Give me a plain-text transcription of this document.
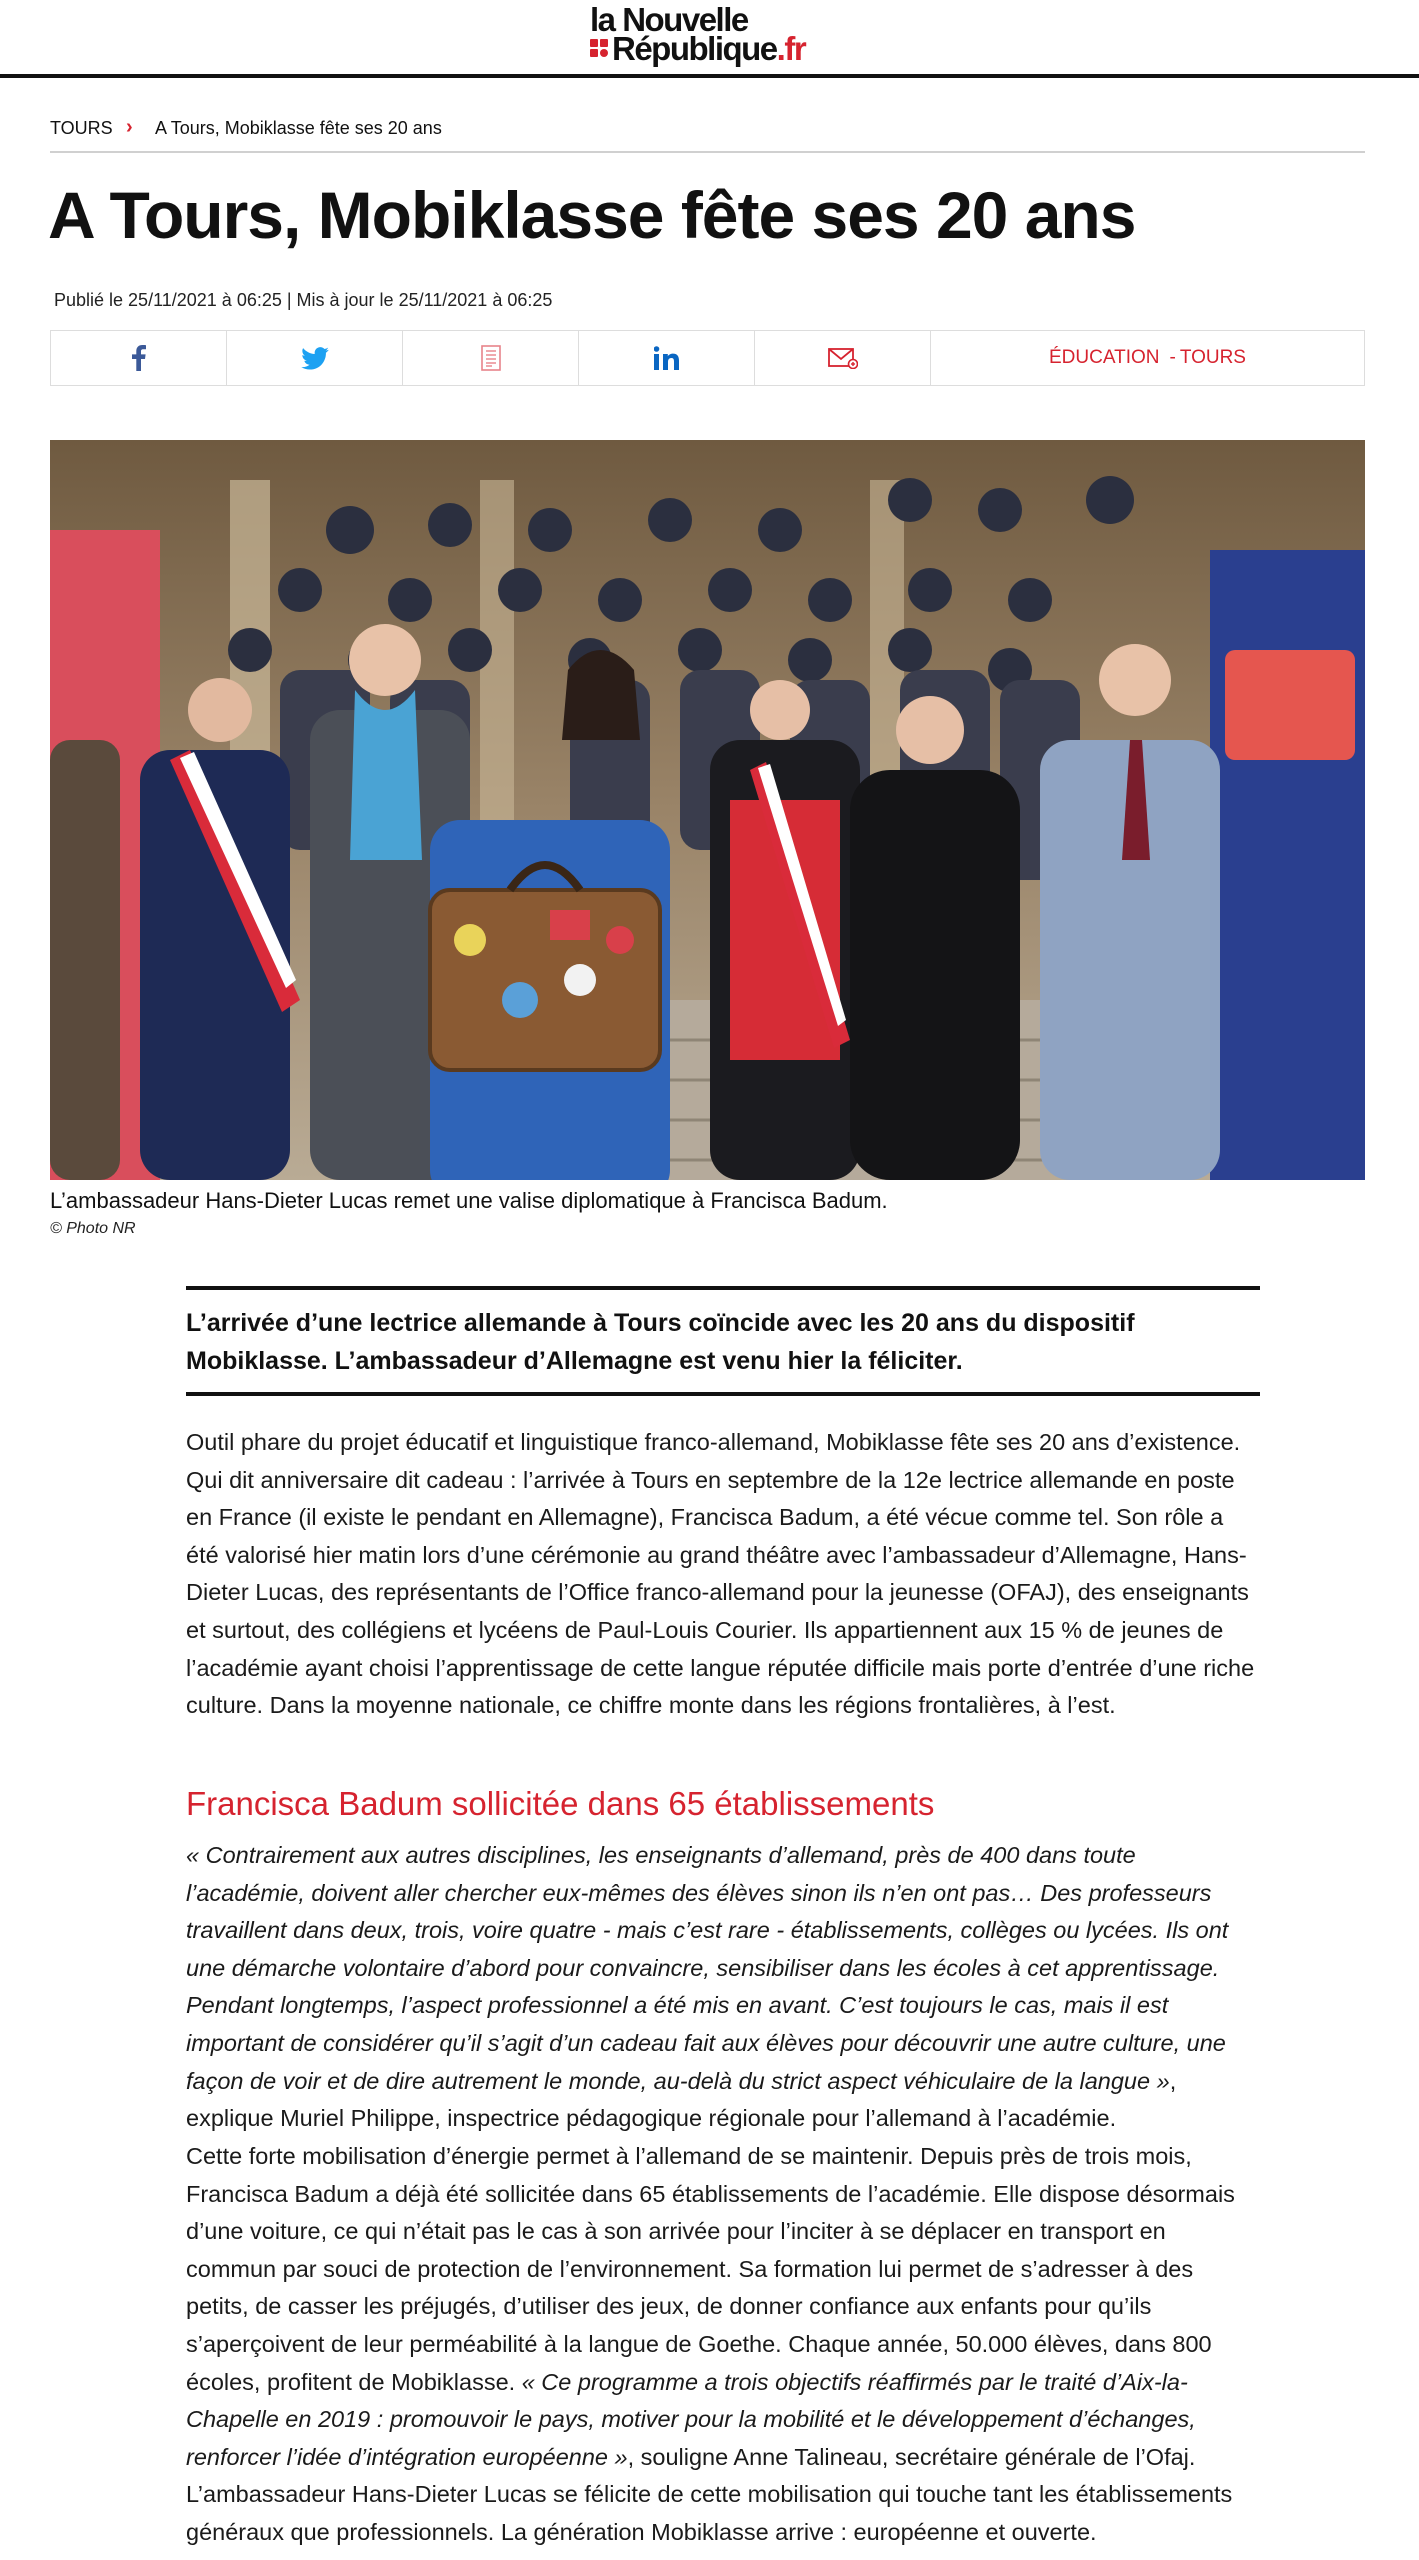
la Nouvelle
République.fr
TOURS › A Tours, Mobiklasse fête ses 20 ans
A Tours, Mobiklasse fête ses 20 ans
Publié le 25/11/2021 à 06:25 | Mis à jour le 25/11/2021 à 06:25
ÉDUCATION - TOURS
L’ambassadeur Hans-Dieter Lucas remet une valise diplomatique à Francisca Badum.
© Photo NR

L’arrivée d’une lectrice allemande à Tours coïncide avec les 20 ans du dispositif Mobiklasse. L’ambassadeur d’Allemagne est venu hier la féliciter.

Outil phare du projet éducatif et linguistique franco-allemand, Mobiklasse fête ses 20 ans d’existence. Qui dit anniversaire dit cadeau : l’arrivée à Tours en septembre de la 12e lectrice allemande en poste en France (il existe le pendant en Allemagne), Francisca Badum, a été vécue comme tel. Son rôle a été valorisé hier matin lors d’une cérémonie au grand théâtre avec l’ambassadeur d’Allemagne, Hans-Dieter Lucas, des représentants de l’Office franco-allemand pour la jeunesse (OFAJ), des enseignants et surtout, des collégiens et lycéens de Paul-Louis Courier. Ils appartiennent aux 15 % de jeunes de l’académie ayant choisi l’apprentissage de cette langue réputée difficile mais porte d’entrée d’une riche culture. Dans la moyenne nationale, ce chiffre monte dans les régions frontalières, à l’est.

Francisca Badum sollicitée dans 65 établissements

« Contrairement aux autres disciplines, les enseignants d’allemand, près de 400 dans toute l’académie, doivent aller chercher eux-mêmes des élèves sinon ils n’en ont pas… Des professeurs travaillent dans deux, trois, voire quatre - mais c’est rare - établissements, collèges ou lycées. Ils ont une démarche volontaire d’abord pour convaincre, sensibiliser dans les écoles à cet apprentissage. Pendant longtemps, l’aspect professionnel a été mis en avant. C’est toujours le cas, mais il est important de considérer qu’il s’agit d’un cadeau fait aux élèves pour découvrir une autre culture, une façon de voir et de dire autrement le monde, au-delà du strict aspect véhiculaire de la langue », explique Muriel Philippe, inspectrice pédagogique régionale pour l’allemand à l’académie.

Cette forte mobilisation d’énergie permet à l’allemand de se maintenir. Depuis près de trois mois, Francisca Badum a déjà été sollicitée dans 65 établissements de l’académie. Elle dispose désormais d’une voiture, ce qui n’était pas le cas à son arrivée pour l’inciter à se déplacer en transport en commun par souci de protection de l’environnement. Sa formation lui permet de s’adresser à des petits, de casser les préjugés, d’utiliser des jeux, de donner confiance aux enfants pour qu’ils s’aperçoivent de leur perméabilité à la langue de Goethe. Chaque année, 50.000 élèves, dans 800 écoles, profitent de Mobiklasse. « Ce programme a trois objectifs réaffirmés par le traité d’Aix-la-Chapelle en 2019 : promouvoir le pays, motiver pour la mobilité et le développement d’échanges, renforcer l’idée d’intégration européenne », souligne Anne Talineau, secrétaire générale de l’Ofaj. L’ambassadeur Hans-Dieter Lucas se félicite de cette mobilisation qui touche tant les établissements généraux que professionnels. La génération Mobiklasse arrive : européenne et ouverte.
